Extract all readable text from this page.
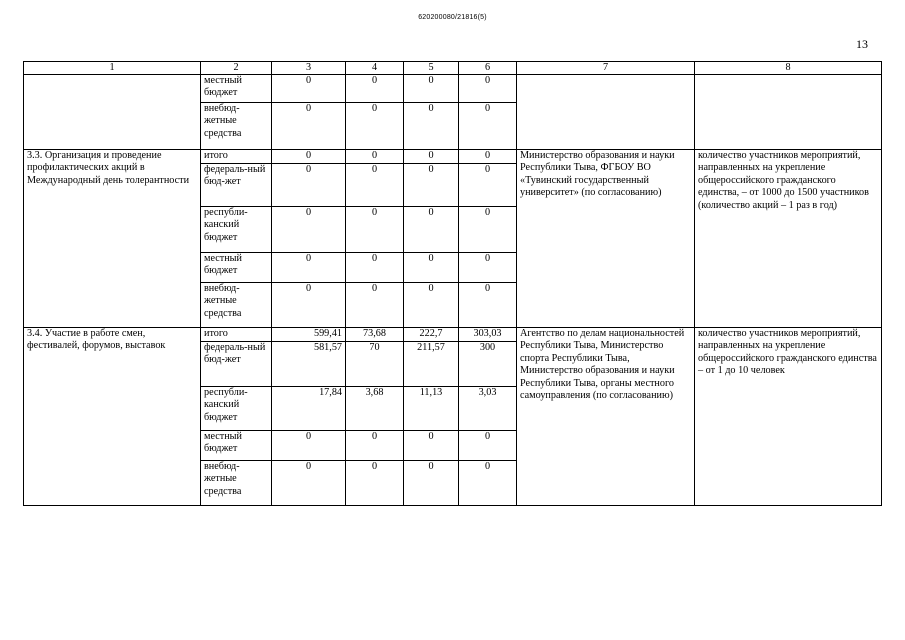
620200080/21816(5)
13
1	2	3	4	5	6	7	8
	местный бюджет	0	0	0	0		
	внебюд-жетные средства	0	0	0	0		
3.3. Организация и проведение профилактических акций в Международный день толерантности	итого	0	0	0	0	Министерство образования и науки Республики Тыва, ФГБОУ ВО «Тувинский государственный университет» (по согласованию)	количество участников мероприятий, направленных на укрепление общероссийского гражданского единства, – от 1000 до 1500 участников (количество акций – 1 раз в год)
	федераль-ный бюд-жет	0	0	0	0		
	республи-канский бюджет	0	0	0	0		
	местный бюджет	0	0	0	0		
	внебюд-жетные средства	0	0	0	0		
3.4. Участие в работе смен, фестивалей, форумов, выставок	итого	599,41	73,68	222,7	303,03	Агентство по делам национальностей Республики Тыва, Министерство спорта Республики Тыва, Министерство образования и науки Республики Тыва, органы местного самоуправления (по согласованию)	количество участников мероприятий, направленных на укрепление общероссийского гражданского единства – от 1 до 10 человек
	федераль-ный бюд-жет	581,57	70	211,57	300		
	республи-канский бюджет	17,84	3,68	11,13	3,03		
	местный бюджет	0	0	0	0		
	внебюд-жетные средства	0	0	0	0		
